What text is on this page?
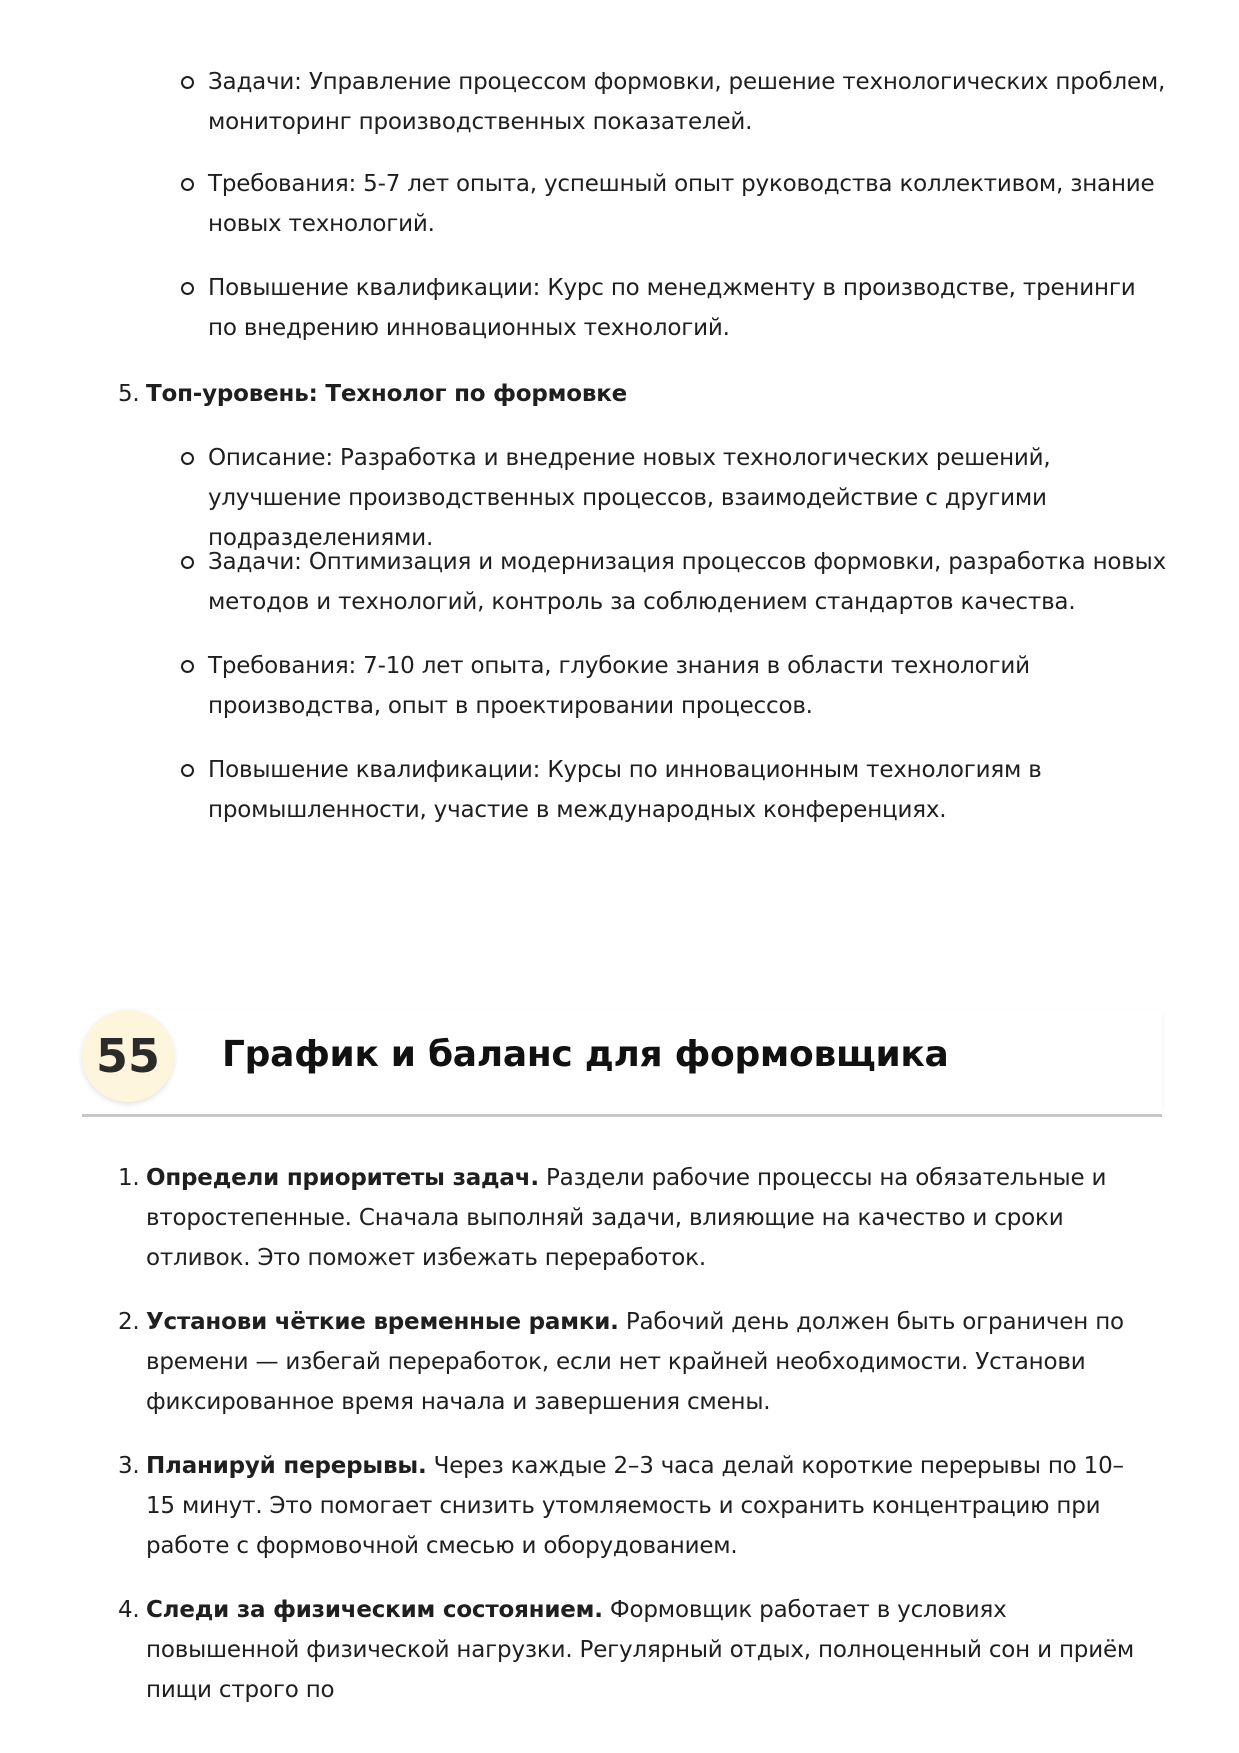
Задачи: Управление процессом формовки, решение технологических проблем, мониторинг производственных показателей.
Требования: 5-7 лет опыта, успешный опыт руководства коллективом, знание новых технологий.
Повышение квалификации: Курс по менеджменту в производстве, тренинги по внедрению инновационных технологий.
5. Топ-уровень: Технолог по формовке
Описание: Разработка и внедрение новых технологических решений, улучшение производственных процессов, взаимодействие с другими подразделениями.
Задачи: Оптимизация и модернизация процессов формовки, разработка новых методов и технологий, контроль за соблюдением стандартов качества.
Требования: 7-10 лет опыта, глубокие знания в области технологий производства, опыт в проектировании процессов.
Повышение квалификации: Курсы по инновационным технологиям в промышленности, участие в международных конференциях.
График и баланс для формовщика
55
1. Определи приоритеты задач. Раздели рабочие процессы на обязательные и второстепенные. Сначала выполняй задачи, влияющие на качество и сроки отливок. Это поможет избежать переработок.
2. Установи чёткие временные рамки. Рабочий день должен быть ограничен по времени — избегай переработок, если нет крайней необходимости. Установи фиксированное время начала и завершения смены.
3. Планируй перерывы. Через каждые 2–3 часа делай короткие перерывы по 10–15 минут. Это помогает снизить утомляемость и сохранить концентрацию при работе с формовочной смесью и оборудованием.
4. Следи за физическим состоянием. Формовщик работает в условиях повышенной физической нагрузки. Регулярный отдых, полноценный сон и приём пищи строго по
